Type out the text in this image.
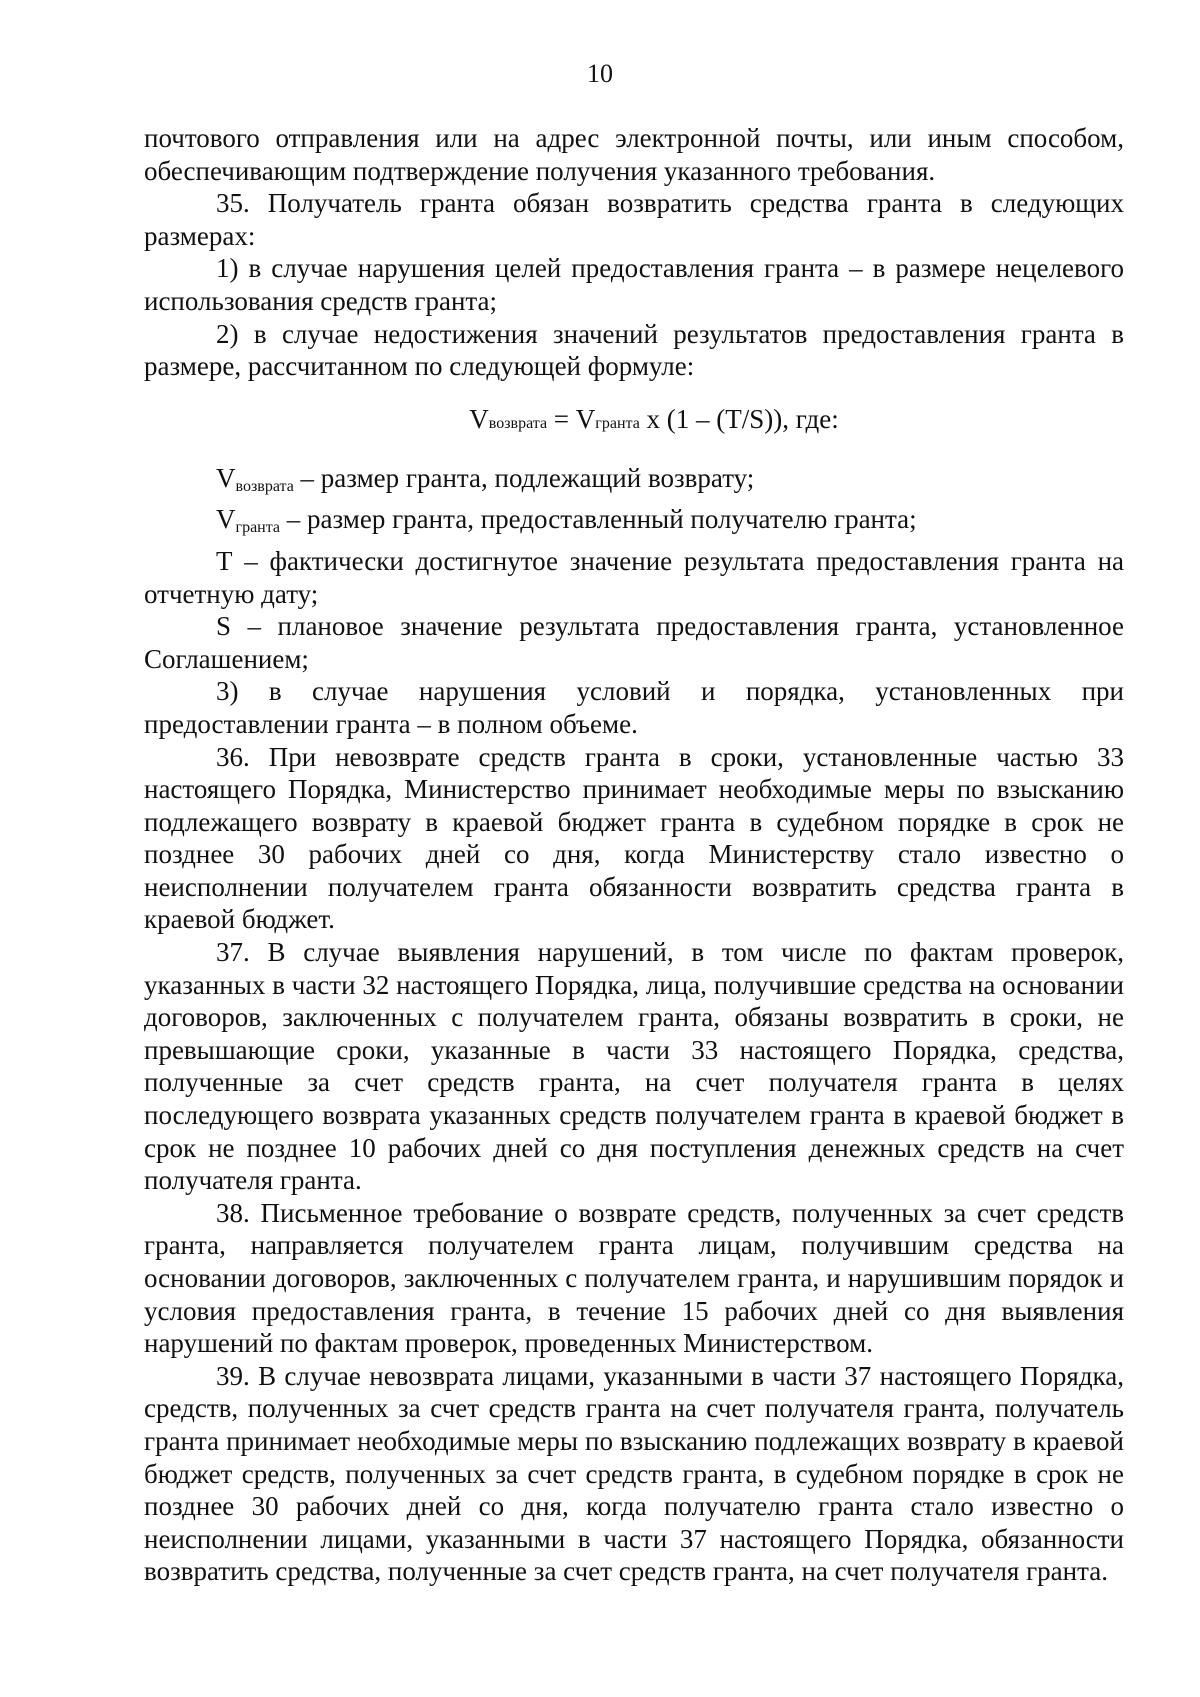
10

почтового отправления или на адрес электронной почты, или иным способом, обеспечивающим подтверждение получения указанного требования.

35. Получатель гранта обязан возвратить средства гранта в следующих размерах:

1) в случае нарушения целей предоставления гранта – в размере нецелевого использования средств гранта;

2) в случае недостижения значений результатов предоставления гранта в размере, рассчитанном по следующей формуле:

Vвозврата = Vгранта x (1 – (T/S)), где:

Vвозврата – размер гранта, подлежащий возврату;

Vгранта – размер гранта, предоставленный получателю гранта;

Т – фактически достигнутое значение результата предоставления гранта на отчетную дату;

S – плановое значение результата предоставления гранта, установленное Соглашением;

3) в случае нарушения условий и порядка, установленных при предоставлении гранта – в полном объеме.

36. При невозврате средств гранта в сроки, установленные частью 33 настоящего Порядка, Министерство принимает необходимые меры по взысканию подлежащего возврату в краевой бюджет гранта в судебном порядке в срок не позднее 30 рабочих дней со дня, когда Министерству стало известно о неисполнении получателем гранта обязанности возвратить средства гранта в краевой бюджет.

37. В случае выявления нарушений, в том числе по фактам проверок, указанных в части 32 настоящего Порядка, лица, получившие средства на основании договоров, заключенных с получателем гранта, обязаны возвратить в сроки, не превышающие сроки, указанные в части 33 настоящего Порядка, средства, полученные за счет средств гранта, на счет получателя гранта в целях последующего возврата указанных средств получателем гранта в краевой бюджет в срок не позднее 10 рабочих дней со дня поступления денежных средств на счет получателя гранта.

38. Письменное требование о возврате средств, полученных за счет средств гранта, направляется получателем гранта лицам, получившим средства на основании договоров, заключенных с получателем гранта, и нарушившим порядок и условия предоставления гранта, в течение 15 рабочих дней со дня выявления нарушений по фактам проверок, проведенных Министерством.

39. В случае невозврата лицами, указанными в части 37 настоящего Порядка, средств, полученных за счет средств гранта на счет получателя гранта, получатель гранта принимает необходимые меры по взысканию подлежащих возврату в краевой бюджет средств, полученных за счет средств гранта, в судебном порядке в срок не позднее 30 рабочих дней со дня, когда получателю гранта стало известно о неисполнении лицами, указанными в части 37 настоящего Порядка, обязанности возвратить средства, полученные за счет средств гранта, на счет получателя гранта.
